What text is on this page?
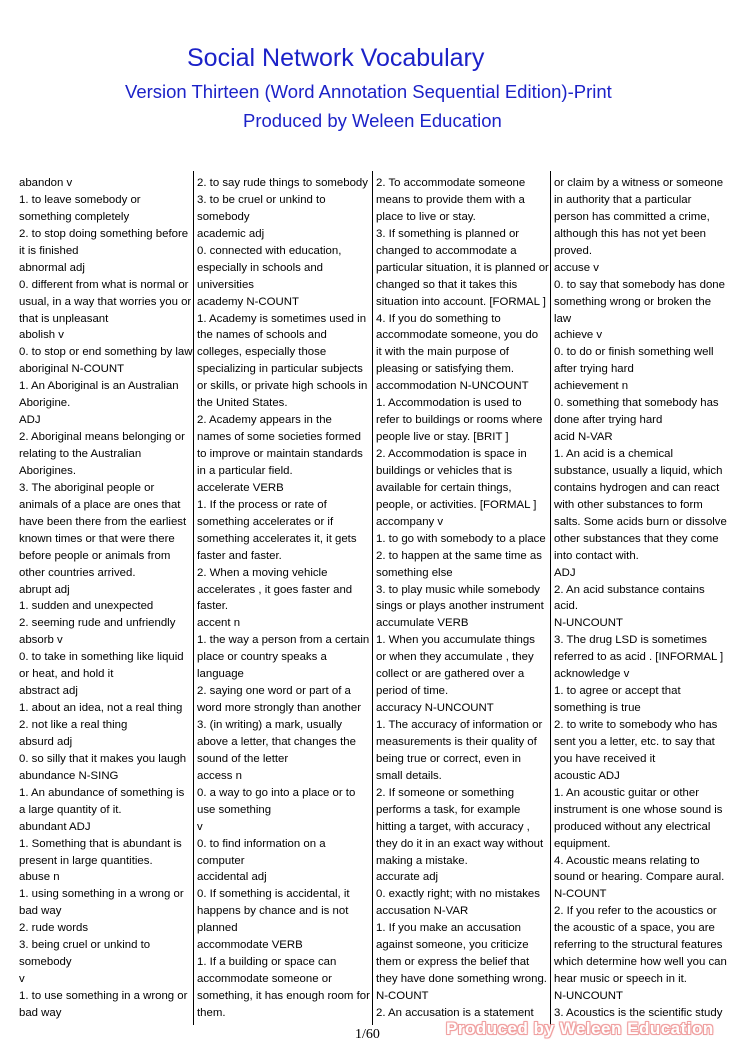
Social Network Vocabulary
Version Thirteen (Word Annotation Sequential Edition)-Print
Produced by Weleen Education
abandon v
1. to leave somebody or
something completely
2. to stop doing something before
it is finished
abnormal adj
0. different from what is normal or
usual, in a way that worries you or
that is unpleasant
abolish v
0. to stop or end something by law
aboriginal N-COUNT
1. An Aboriginal is an Australian
Aborigine.
ADJ
2. Aboriginal means belonging or
relating to the Australian
Aborigines.
3. The aboriginal people or
animals of a place are ones that
have been there from the earliest
known times or that were there
before people or animals from
other countries arrived.
abrupt adj
1. sudden and unexpected
2. seeming rude and unfriendly
absorb v
0. to take in something like liquid
or heat, and hold it
abstract adj
1. about an idea, not a real thing
2. not like a real thing
absurd adj
0. so silly that it makes you laugh
abundance N-SING
1. An abundance of something is
a large quantity of it.
abundant ADJ
1. Something that is abundant is
present in large quantities.
abuse n
1. using something in a wrong or
bad way
2. rude words
3. being cruel or unkind to
somebody
v
1. to use something in a wrong or
bad way
2. to say rude things to somebody
3. to be cruel or unkind to
somebody
academic adj
0. connected with education,
especially in schools and
universities
academy N-COUNT
1. Academy is sometimes used in
the names of schools and
colleges, especially those
specializing in particular subjects
or skills, or private high schools in
the United States.
2. Academy appears in the
names of some societies formed
to improve or maintain standards
in a particular field.
accelerate VERB
1. If the process or rate of
something accelerates or if
something accelerates it, it gets
faster and faster.
2. When a moving vehicle
accelerates , it goes faster and
faster.
accent n
1. the way a person from a certain
place or country speaks a
language
2. saying one word or part of a
word more strongly than another
3. (in writing) a mark, usually
above a letter, that changes the
sound of the letter
access n
0. a way to go into a place or to
use something
v
0. to find information on a
computer
accidental adj
0. If something is accidental, it
happens by chance and is not
planned
accommodate VERB
1. If a building or space can
accommodate someone or
something, it has enough room for
them.
2. To accommodate someone
means to provide them with a
place to live or stay.
3. If something is planned or
changed to accommodate a
particular situation, it is planned or
changed so that it takes this
situation into account. [FORMAL ]
4. If you do something to
accommodate someone, you do
it with the main purpose of
pleasing or satisfying them.
accommodation N-UNCOUNT
1. Accommodation is used to
refer to buildings or rooms where
people live or stay. [BRIT ]
2. Accommodation is space in
buildings or vehicles that is
available for certain things,
people, or activities. [FORMAL ]
accompany v
1. to go with somebody to a place
2. to happen at the same time as
something else
3. to play music while somebody
sings or plays another instrument
accumulate VERB
1. When you accumulate things
or when they accumulate , they
collect or are gathered over a
period of time.
accuracy N-UNCOUNT
1. The accuracy of information or
measurements is their quality of
being true or correct, even in
small details.
2. If someone or something
performs a task, for example
hitting a target, with accuracy ,
they do it in an exact way without
making a mistake.
accurate adj
0. exactly right; with no mistakes
accusation N-VAR
1. If you make an accusation
against someone, you criticize
them or express the belief that
they have done something wrong.
N-COUNT
2. An accusation is a statement
or claim by a witness or someone
in authority that a particular
person has committed a crime,
although this has not yet been
proved.
accuse v
0. to say that somebody has done
something wrong or broken the
law
achieve v
0. to do or finish something well
after trying hard
achievement n
0. something that somebody has
done after trying hard
acid N-VAR
1. An acid is a chemical
substance, usually a liquid, which
contains hydrogen and can react
with other substances to form
salts. Some acids burn or dissolve
other substances that they come
into contact with.
ADJ
2. An acid substance contains
acid.
N-UNCOUNT
3. The drug LSD is sometimes
referred to as acid . [INFORMAL ]
acknowledge v
1. to agree or accept that
something is true
2. to write to somebody who has
sent you a letter, etc. to say that
you have received it
acoustic ADJ
1. An acoustic guitar or other
instrument is one whose sound is
produced without any electrical
equipment.
4. Acoustic means relating to
sound or hearing. Compare aural.
N-COUNT
2. If you refer to the acoustics or
the acoustic of a space, you are
referring to the structural features
which determine how well you can
hear music or speech in it.
N-UNCOUNT
3. Acoustics is the scientific study
1/60	Produced by Weleen Education
